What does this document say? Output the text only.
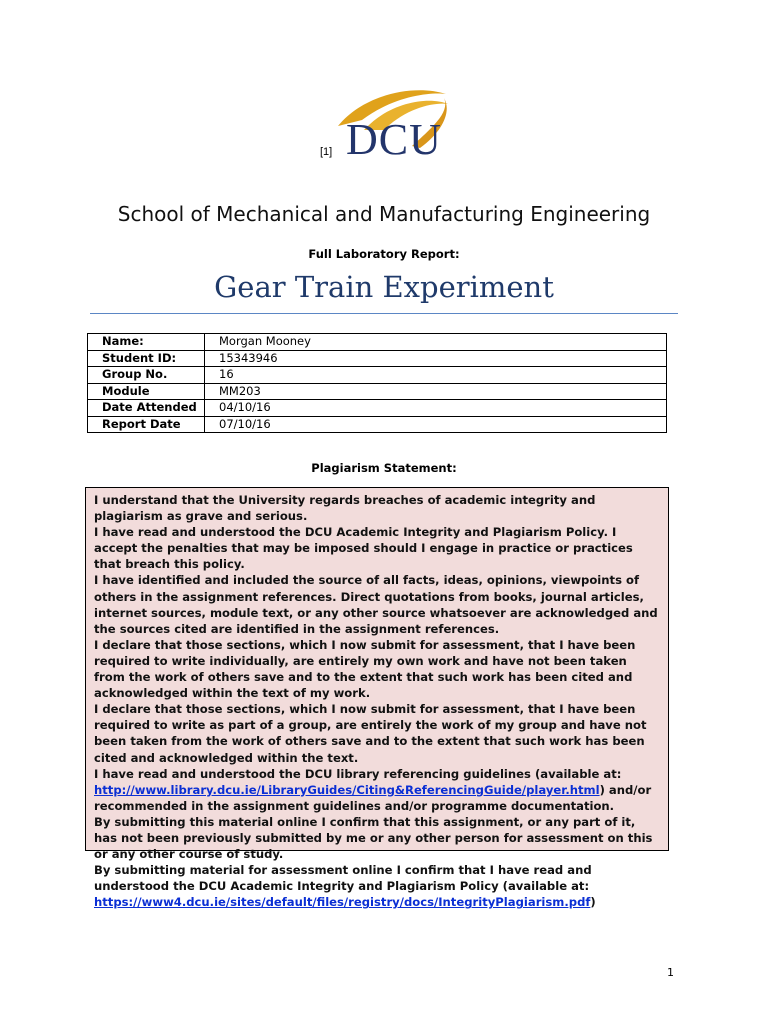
[1] DCU
School of Mechanical and Manufacturing Engineering
Full Laboratory Report:
Gear Train Experiment
Name:	Morgan Mooney
Student ID:	15343946
Group No.	16
Module	MM203
Date Attended	04/10/16
Report Date	07/10/16
Plagiarism Statement:

I understand that the University regards breaches of academic integrity and plagiarism as grave and serious.

I have read and understood the DCU Academic Integrity and Plagiarism Policy. I accept the penalties that may be imposed should I engage in practice or practices that breach this policy.

I have identified and included the source of all facts, ideas, opinions, viewpoints of others in the assignment references. Direct quotations from books, journal articles, internet sources, module text, or any other source whatsoever are acknowledged and the sources cited are identified in the assignment references.

I declare that those sections, which I now submit for assessment, that I have been required to write individually, are entirely my own work and have not been taken from the work of others save and to the extent that such work has been cited and acknowledged within the text of my work.

I declare that those sections, which I now submit for assessment, that I have been required to write as part of a group, are entirely the work of my group and have not been taken from the work of others save and to the extent that such work has been cited and acknowledged within the text.

I have read and understood the DCU library referencing guidelines (available at: http://www.library.dcu.ie/LibraryGuides/Citing&ReferencingGuide/player.html) and/or recommended in the assignment guidelines and/or programme documentation.

By submitting this material online I confirm that this assignment, or any part of it, has not been previously submitted by me or any other person for assessment on this or any other course of study.

By submitting material for assessment online I confirm that I have read and understood the DCU Academic Integrity and Plagiarism Policy (available at: https://www4.dcu.ie/sites/default/files/registry/docs/IntegrityPlagiarism.pdf)

1
